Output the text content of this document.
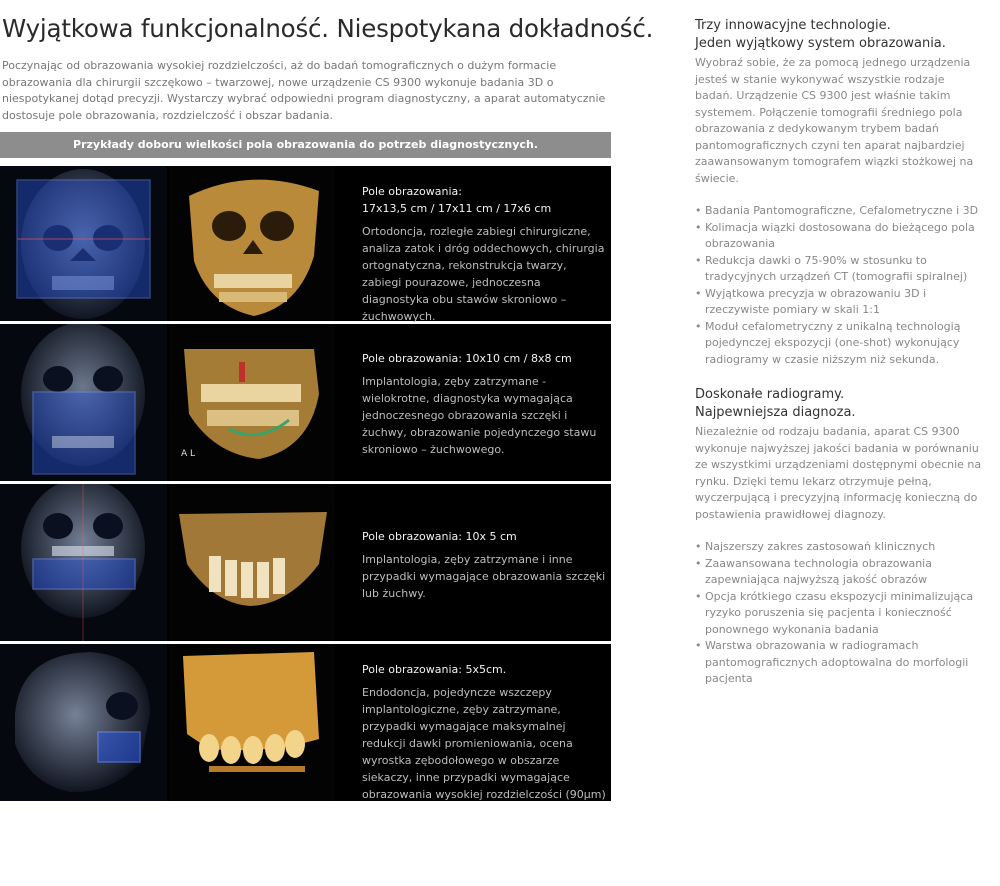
Wyjątkowa funkcjonalność. Niespotykana dokładność.

Poczynając od obrazowania wysokiej rozdzielczości, aż do badań tomograficznych o dużym formacie obrazowania dla chirurgii szczękowo – twarzowej, nowe urządzenie CS 9300 wykonuje badania 3D o niespotykanej dotąd precyzji. Wystarczy wybrać odpowiedni program diagnostyczny, a aparat automatycznie dostosuje pole obrazowania, rozdzielczość i obszar badania.

Przykłady doboru wielkości pola obrazowania do potrzeb diagnostycznych.

Pole obrazowania:
17x13,5 cm / 17x11 cm / 17x6 cm

Ortodoncja, rozległe zabiegi chirurgiczne, analiza zatok i dróg oddechowych, chirurgia ortognatyczna, rekonstrukcja twarzy, zabiegi pourazowe, jednoczesna diagnostyka obu stawów skroniowo – żuchwowych.

A L

Pole obrazowania: 10x10 cm / 8x8 cm

Implantologia, zęby zatrzymane - wielokrotne, diagnostyka wymagająca jednoczesnego obrazowania szczęki i żuchwy, obrazowanie pojedynczego stawu skroniowo – żuchwowego.

Pole obrazowania: 10x 5 cm

Implantologia, zęby zatrzymane i inne przypadki wymagające obrazowania szczęki lub żuchwy.

Pole obrazowania: 5x5cm.

Endodoncja, pojedyncze wszczepy implantologiczne, zęby zatrzymane, przypadki wymagające maksymalnej redukcji dawki promieniowania, ocena wyrostka zębodołowego w obszarze siekaczy, inne przypadki wymagające obrazowania wysokiej rozdzielczości (90µm)

Trzy innowacyjne technologie.
Jeden wyjątkowy system obrazowania.

Wyobraź sobie, że za pomocą jednego urządzenia jesteś w stanie wykonywać wszystkie rodzaje badań. Urządzenie CS 9300 jest właśnie takim systemem. Połączenie tomografii średniego pola obrazowania z dedykowanym trybem badań pantomograficznych czyni ten aparat najbardziej zaawansowanym tomografem wiązki stożkowej na świecie.

• Badania Pantomograficzne, Cefalometryczne i 3D
• Kolimacja wiązki dostosowana do bieżącego pola obrazowania
• Redukcja dawki o 75-90% w stosunku to tradycyjnych urządzeń CT (tomografii spiralnej)
• Wyjątkowa precyzja w obrazowaniu 3D i rzeczywiste pomiary w skali 1:1
• Moduł cefalometryczny z unikalną technologią pojedynczej ekspozycji (one-shot) wykonujący radiogramy w czasie niższym niż sekunda.

Doskonałe radiogramy.
Najpewniejsza diagnoza.

Niezależnie od rodzaju badania, aparat CS 9300 wykonuje najwyższej jakości badania w porównaniu ze wszystkimi urządzeniami dostępnymi obecnie na rynku. Dzięki temu lekarz otrzymuje pełną, wyczerpującą i precyzyjną informację konieczną do postawienia prawidłowej diagnozy.

• Najszerszy zakres zastosowań klinicznych
• Zaawansowana technologia obrazowania zapewniająca najwyższą jakość obrazów
• Opcja krótkiego czasu ekspozycji minimalizująca ryzyko poruszenia się pacjenta i konieczność ponownego wykonania badania
• Warstwa obrazowania w radiogramach pantomograficznych adoptowalna do morfologii pacjenta
